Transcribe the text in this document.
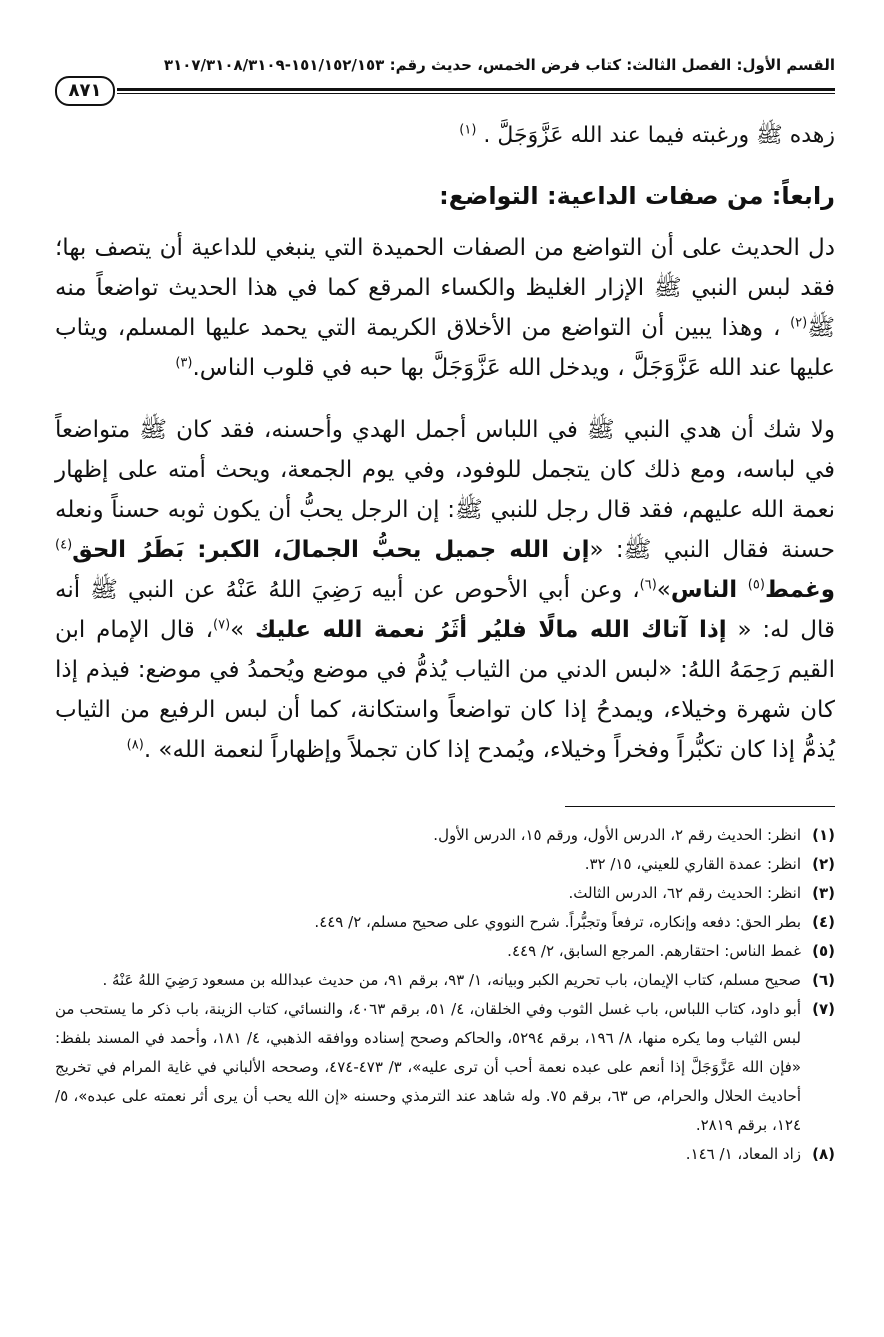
القسم الأول: الفصل الثالث: كتاب فرض الخمس، حديث رقم: ١٥١/١٥٢/١٥٣-٣١٠٧/٣١٠٨/٣١٠٩
٨٧١
زهده ﷺ ورغبته فيما عند الله عَزَّوَجَلَّ . $^{(١)}$
رابعاً: من صفات الداعية: التواضع:
دل الحديث على أن التواضع من الصفات الحميدة التي ينبغي للداعية أن يتصف بها؛ فقد لبس النبي ﷺ الإزار الغليظ والكساء المرقع كما في هذا الحديث تواضعاً منه ﷺ$^{(٢)}$ ، وهذا يبين أن التواضع من الأخلاق الكريمة التي يحمد عليها المسلم، ويثاب عليها عند الله عَزَّوَجَلَّ ، ويدخل الله عَزَّوَجَلَّ بها حبه في قلوب الناس.$^{(٣)}$
ولا شك أن هدي النبي ﷺ في اللباس أجمل الهدي وأحسنه، فقد كان ﷺ متواضعاً في لباسه، ومع ذلك كان يتجمل للوفود، وفي يوم الجمعة، ويحث أمته على إظهار نعمة الله عليهم، فقد قال رجل للنبي ﷺ: إن الرجل يحبُّ أن يكون ثوبه حسناً ونعله حسنة فقال النبي ﷺ: «إن الله جميل يحبُّ الجمالَ، الكبر: بَطَرُ الحق$^{(٤)}$ وغمط$^{(٥)}$ الناس»$^{(٦)}$، وعن أبي الأحوص عن أبيه رَضِيَ اللهُ عَنْهُ عن النبي ﷺ أنه قال له: « إذا آتاك الله مالًا فليُر أثَرُ نعمة الله عليك »$^{(٧)}$، قال الإمام ابن القيم رَحِمَهُ اللهُ: «لبس الدني من الثياب يُذمُّ في موضع ويُحمدُ في موضع: فيذم إذا كان شهرة وخيلاء، ويمدحُ إذا كان تواضعاً واستكانة، كما أن لبس الرفيع من الثياب يُذمُّ إذا كان تكبُّراً وفخراً وخيلاء، ويُمدح إذا كان تجملاً وإظهاراً لنعمة الله» .$^{(٨)}$
(١)
انظر: الحديث رقم ٢، الدرس الأول، ورقم ١٥، الدرس الأول.
(٢)
انظر: عمدة القاري للعيني، ١٥/ ٣٢.
(٣)
انظر: الحديث رقم ٦٢، الدرس الثالث.
(٤)
بطر الحق: دفعه وإنكاره، ترفعاً وتجبُّراً. شرح النووي على صحيح مسلم، ٢/ ٤٤٩.
(٥)
غمط الناس: احتقارهم. المرجع السابق، ٢/ ٤٤٩.
(٦)
صحيح مسلم، كتاب الإيمان، باب تحريم الكبر وبيانه، ١/ ٩٣، برقم ٩١، من حديث عبدالله بن مسعود رَضِيَ اللهُ عَنْهُ .
(٧)
أبو داود، كتاب اللباس، باب غسل الثوب وفي الخلقان، ٤/ ٥١، برقم ٤٠٦٣، والنسائي، كتاب الزينة، باب ذكر ما يستحب من لبس الثياب وما يكره منها، ٨/ ١٩٦، برقم ٥٢٩٤، والحاكم وصحح إسناده ووافقه الذهبي، ٤/ ١٨١، وأحمد في المسند بلفظ: «فإن الله عَزَّوَجَلَّ إذا أنعم على عبده نعمة أحب أن ترى عليه»، ٣/ ٤٧٣-٤٧٤، وصححه الألباني في غاية المرام في تخريج أحاديث الحلال والحرام، ص ٦٣، برقم ٧٥. وله شاهد عند الترمذي وحسنه «إن الله يحب أن يرى أثر نعمته على عبده»، ٥/ ١٢٤، برقم ٢٨١٩.
(٨)
زاد المعاد، ١/ ١٤٦.
